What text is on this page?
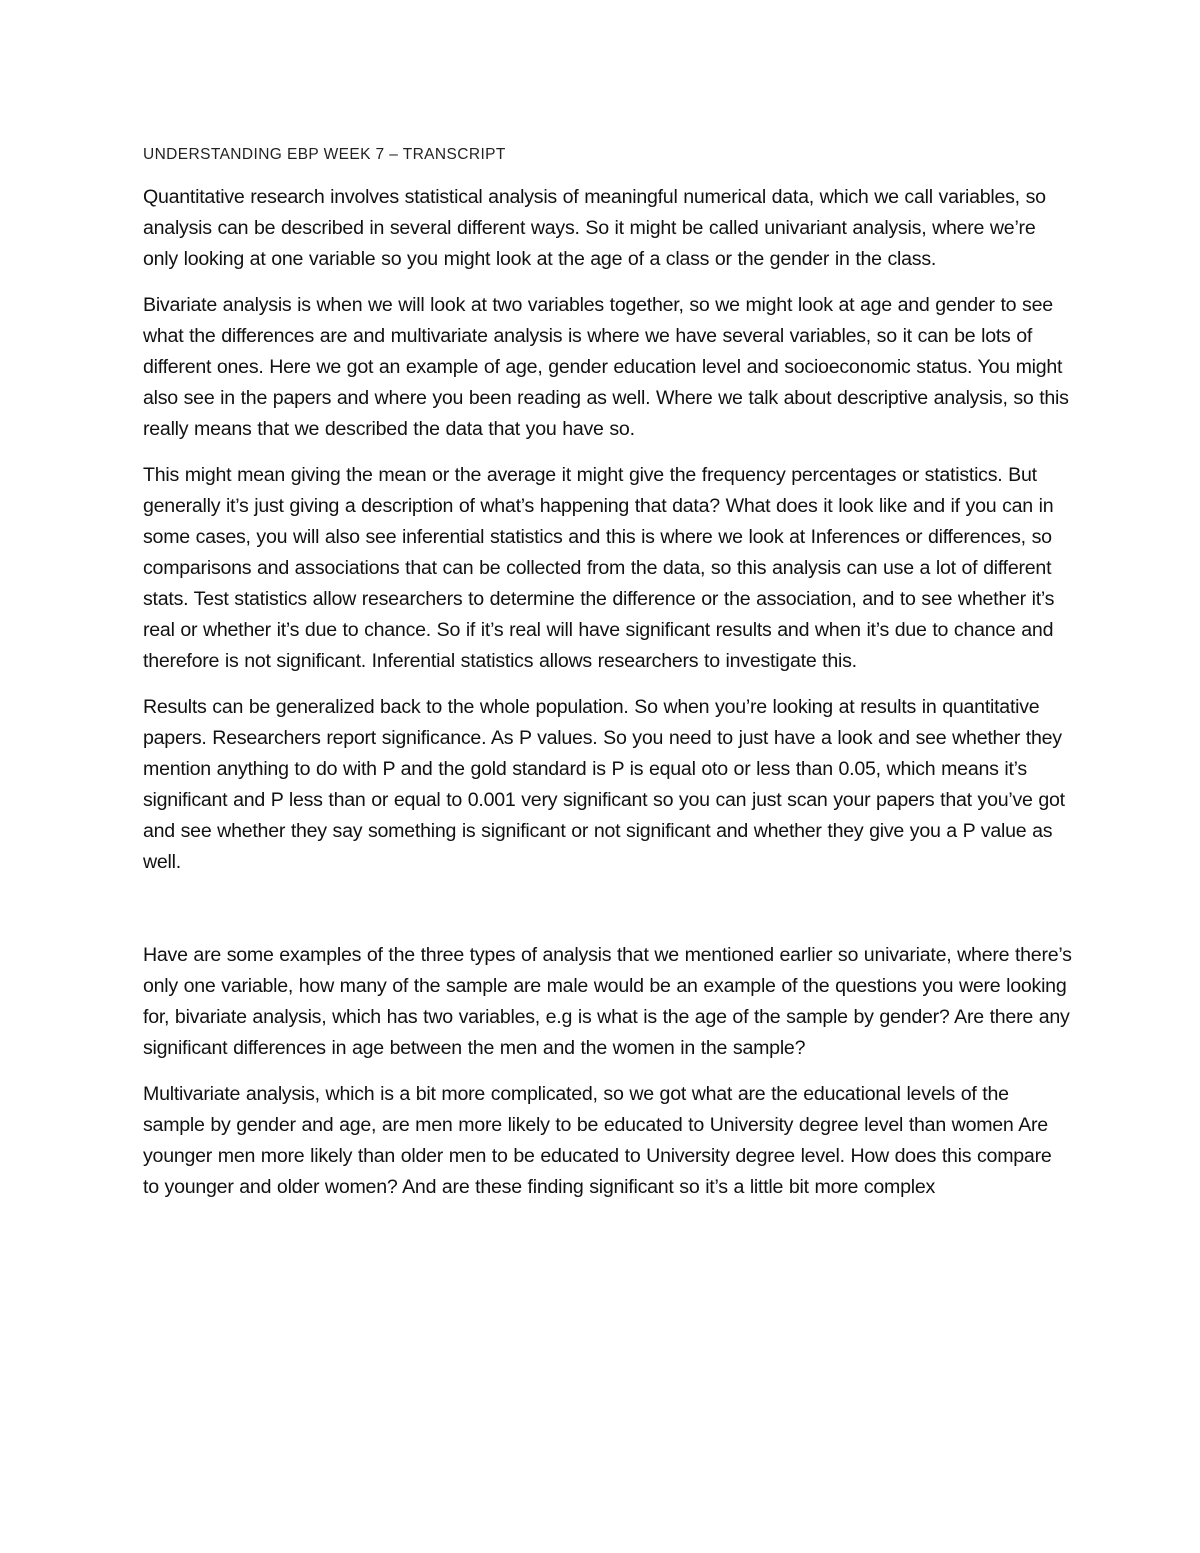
UNDERSTANDING EBP WEEK 7 – TRANSCRIPT

Quantitative research involves statistical analysis of meaningful numerical data, which we call variables, so analysis can be described in several different ways. So it might be called univariant analysis, where we’re only looking at one variable so you might look at the age of a class or the gender in the class.

Bivariate analysis is when we will look at two variables together, so we might look at age and gender to see what the differences are and multivariate analysis is where we have several variables, so it can be lots of different ones. Here we got an example of age, gender education level and socioeconomic status. You might also see in the papers and where you been reading as well. Where we talk about descriptive analysis, so this really means that we described the data that you have so.

This might mean giving the mean or the average it might give the frequency percentages or statistics. But generally it’s just giving a description of what’s happening that data? What does it look like and if you can in some cases, you will also see inferential statistics and this is where we look at Inferences or differences, so comparisons and associations that can be collected from the data, so this analysis can use a lot of different stats. Test statistics allow researchers to determine the difference or the association, and to see whether it’s real or whether it’s due to chance. So if it’s real will have significant results and when it’s due to chance and therefore is not significant. Inferential statistics allows researchers to investigate this.

Results can be generalized back to the whole population. So when you’re looking at results in quantitative papers. Researchers report significance. As P values. So you need to just have a look and see whether they mention anything to do with P and the gold standard is P is equal oto or less than 0.05, which means it’s significant and P less than or equal to 0.001 very significant so you can just scan your papers that you’ve got and see whether they say something is significant or not significant and whether they give you a P value as well.

Have are some examples of the three types of analysis that we mentioned earlier so univariate, where there’s only one variable, how many of the sample are male would be an example of the questions you were looking for, bivariate analysis, which has two variables, e.g is what is the age of the sample by gender? Are there any significant differences in age between the men and the women in the sample?

Multivariate analysis, which is a bit more complicated, so we got what are the educational levels of the sample by gender and age, are men more likely to be educated to University degree level than women Are younger men more likely than older men to be educated to University degree level. How does this compare to younger and older women? And are these finding significant so it’s a little bit more complex
